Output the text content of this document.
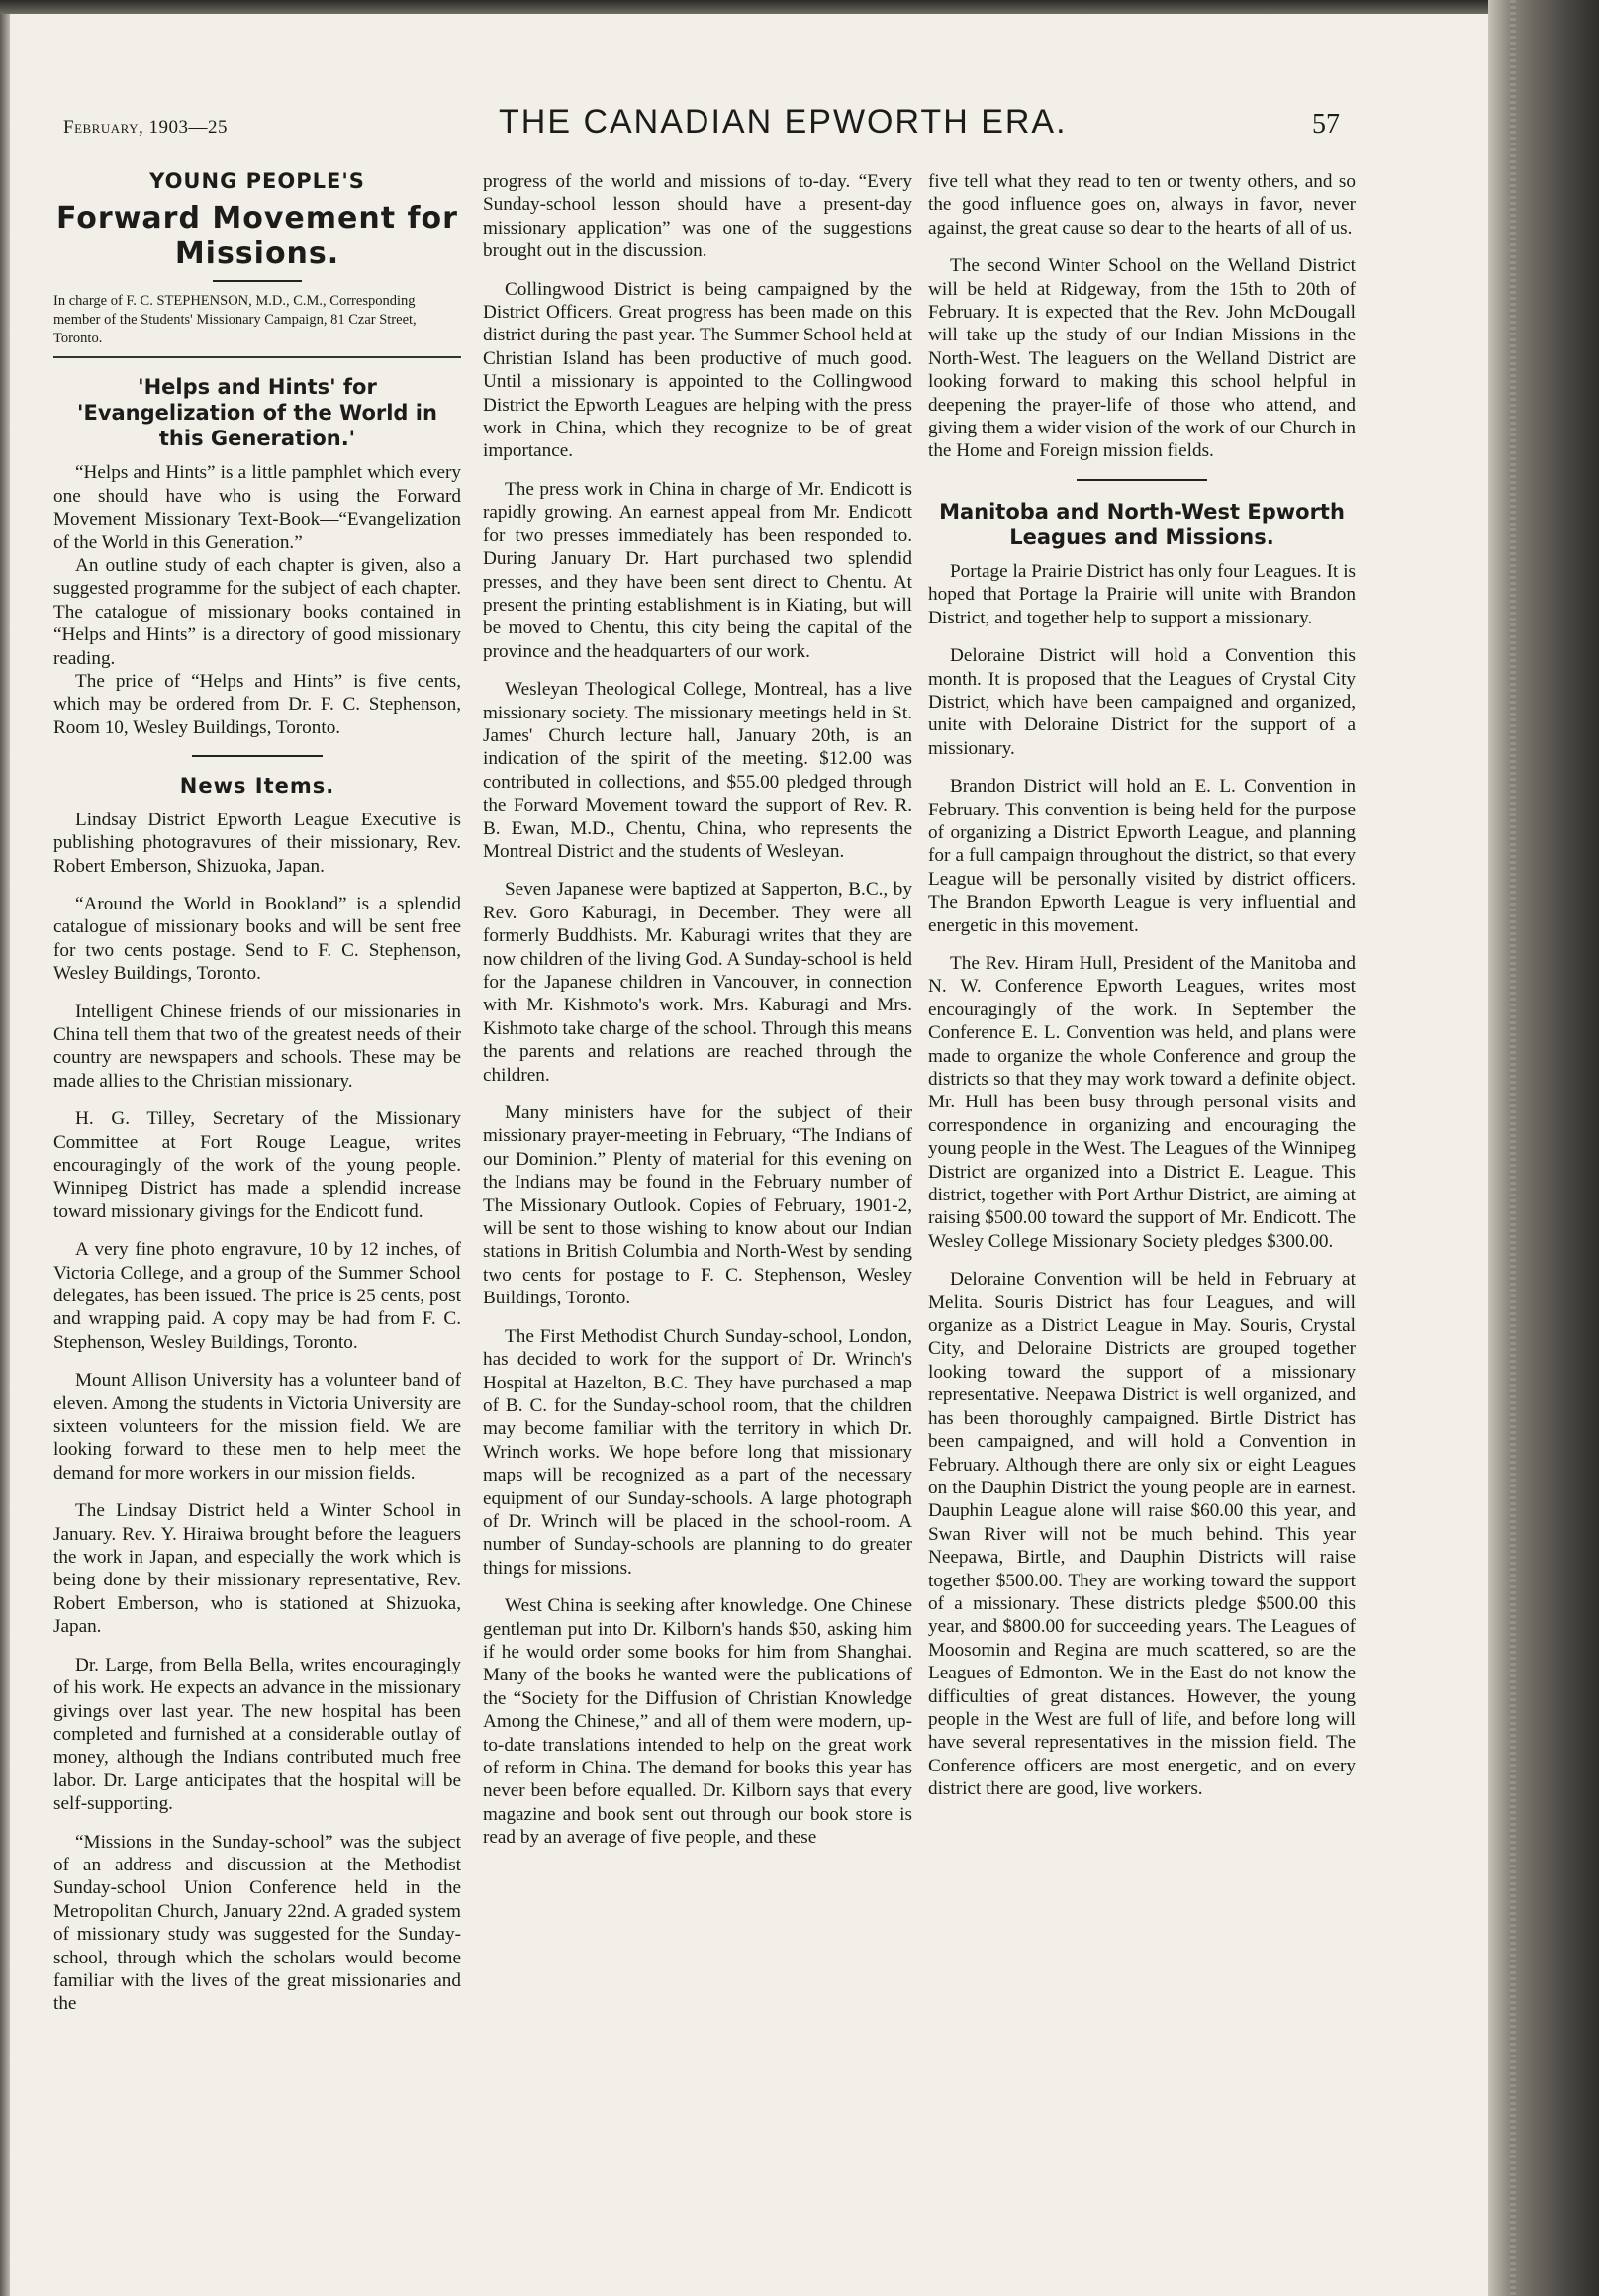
February, 1903—25	THE CANADIAN EPWORTH ERA.	57
YOUNG PEOPLE'S
Forward Movement for Missions.
In charge of F. C. STEPHENSON, M.D., C.M., Corresponding member of the Students' Missionary Campaign, 81 Czar Street, Toronto.
'Helps and Hints' for 'Evangelization of the World in this Generation.'

“Helps and Hints” is a little pamphlet which every one should have who is using the Forward Movement Missionary Text-Book—“Evangelization of the World in this Generation.”

An outline study of each chapter is given, also a suggested programme for the subject of each chapter. The catalogue of missionary books contained in “Helps and Hints” is a directory of good missionary reading.

The price of “Helps and Hints” is five cents, which may be ordered from Dr. F. C. Stephenson, Room 10, Wesley Buildings, Toronto.

News Items.

Lindsay District Epworth League Executive is publishing photogravures of their missionary, Rev. Robert Emberson, Shizuoka, Japan.

“Around the World in Bookland” is a splendid catalogue of missionary books and will be sent free for two cents postage. Send to F. C. Stephenson, Wesley Buildings, Toronto.

Intelligent Chinese friends of our missionaries in China tell them that two of the greatest needs of their country are newspapers and schools. These may be made allies to the Christian missionary.

H. G. Tilley, Secretary of the Missionary Committee at Fort Rouge League, writes encouragingly of the work of the young people. Winnipeg District has made a splendid increase toward missionary givings for the Endicott fund.

A very fine photo engravure, 10 by 12 inches, of Victoria College, and a group of the Summer School delegates, has been issued. The price is 25 cents, post and wrapping paid. A copy may be had from F. C. Stephenson, Wesley Buildings, Toronto.

Mount Allison University has a volunteer band of eleven. Among the students in Victoria University are sixteen volunteers for the mission field. We are looking forward to these men to help meet the demand for more workers in our mission fields.

The Lindsay District held a Winter School in January. Rev. Y. Hiraiwa brought before the leaguers the work in Japan, and especially the work which is being done by their missionary representative, Rev. Robert Emberson, who is stationed at Shizuoka, Japan.

Dr. Large, from Bella Bella, writes encouragingly of his work. He expects an advance in the missionary givings over last year. The new hospital has been completed and furnished at a considerable outlay of money, although the Indians contributed much free labor. Dr. Large anticipates that the hospital will be self-supporting.

“Missions in the Sunday-school” was the subject of an address and discussion at the Methodist Sunday-school Union Conference held in the Metropolitan Church, January 22nd. A graded system of missionary study was suggested for the Sunday-school, through which the scholars would become familiar with the lives of the great missionaries and the

progress of the world and missions of to-day. “Every Sunday-school lesson should have a present-day missionary application” was one of the suggestions brought out in the discussion.

Collingwood District is being campaigned by the District Officers. Great progress has been made on this district during the past year. The Summer School held at Christian Island has been productive of much good. Until a missionary is appointed to the Collingwood District the Epworth Leagues are helping with the press work in China, which they recognize to be of great importance.

The press work in China in charge of Mr. Endicott is rapidly growing. An earnest appeal from Mr. Endicott for two presses immediately has been responded to. During January Dr. Hart purchased two splendid presses, and they have been sent direct to Chentu. At present the printing establishment is in Kiating, but will be moved to Chentu, this city being the capital of the province and the headquarters of our work.

Wesleyan Theological College, Montreal, has a live missionary society. The missionary meetings held in St. James' Church lecture hall, January 20th, is an indication of the spirit of the meeting. $12.00 was contributed in collections, and $55.00 pledged through the Forward Movement toward the support of Rev. R. B. Ewan, M.D., Chentu, China, who represents the Montreal District and the students of Wesleyan.

Seven Japanese were baptized at Sapperton, B.C., by Rev. Goro Kaburagi, in December. They were all formerly Buddhists. Mr. Kaburagi writes that they are now children of the living God. A Sunday-school is held for the Japanese children in Vancouver, in connection with Mr. Kishmoto's work. Mrs. Kaburagi and Mrs. Kishmoto take charge of the school. Through this means the parents and relations are reached through the children.

Many ministers have for the subject of their missionary prayer-meeting in February, “The Indians of our Dominion.” Plenty of material for this evening on the Indians may be found in the February number of The Missionary Outlook. Copies of February, 1901-2, will be sent to those wishing to know about our Indian stations in British Columbia and North-West by sending two cents for postage to F. C. Stephenson, Wesley Buildings, Toronto.

The First Methodist Church Sunday-school, London, has decided to work for the support of Dr. Wrinch's Hospital at Hazelton, B.C. They have purchased a map of B. C. for the Sunday-school room, that the children may become familiar with the territory in which Dr. Wrinch works. We hope before long that missionary maps will be recognized as a part of the necessary equipment of our Sunday-schools. A large photograph of Dr. Wrinch will be placed in the school-room. A number of Sunday-schools are planning to do greater things for missions.

West China is seeking after knowledge. One Chinese gentleman put into Dr. Kilborn's hands $50, asking him if he would order some books for him from Shanghai. Many of the books he wanted were the publications of the “Society for the Diffusion of Christian Knowledge Among the Chinese,” and all of them were modern, up-to-date translations intended to help on the great work of reform in China. The demand for books this year has never been before equalled. Dr. Kilborn says that every magazine and book sent out through our book store is read by an average of five people, and these

five tell what they read to ten or twenty others, and so the good influence goes on, always in favor, never against, the great cause so dear to the hearts of all of us.

The second Winter School on the Welland District will be held at Ridgeway, from the 15th to 20th of February. It is expected that the Rev. John McDougall will take up the study of our Indian Missions in the North-West. The leaguers on the Welland District are looking forward to making this school helpful in deepening the prayer-life of those who attend, and giving them a wider vision of the work of our Church in the Home and Foreign mission fields.

Manitoba and North-West Epworth Leagues and Missions.

Portage la Prairie District has only four Leagues. It is hoped that Portage la Prairie will unite with Brandon District, and together help to support a missionary.

Deloraine District will hold a Convention this month. It is proposed that the Leagues of Crystal City District, which have been campaigned and organized, unite with Deloraine District for the support of a missionary.

Brandon District will hold an E. L. Convention in February. This convention is being held for the purpose of organizing a District Epworth League, and planning for a full campaign throughout the district, so that every League will be personally visited by district officers. The Brandon Epworth League is very influential and energetic in this movement.

The Rev. Hiram Hull, President of the Manitoba and N. W. Conference Epworth Leagues, writes most encouragingly of the work. In September the Conference E. L. Convention was held, and plans were made to organize the whole Conference and group the districts so that they may work toward a definite object. Mr. Hull has been busy through personal visits and correspondence in organizing and encouraging the young people in the West. The Leagues of the Winnipeg District are organized into a District E. League. This district, together with Port Arthur District, are aiming at raising $500.00 toward the support of Mr. Endicott. The Wesley College Missionary Society pledges $300.00.

Deloraine Convention will be held in February at Melita. Souris District has four Leagues, and will organize as a District League in May. Souris, Crystal City, and Deloraine Districts are grouped together looking toward the support of a missionary representative. Neepawa District is well organized, and has been thoroughly campaigned. Birtle District has been campaigned, and will hold a Convention in February. Although there are only six or eight Leagues on the Dauphin District the young people are in earnest. Dauphin League alone will raise $60.00 this year, and Swan River will not be much behind. This year Neepawa, Birtle, and Dauphin Districts will raise together $500.00. They are working toward the support of a missionary. These districts pledge $500.00 this year, and $800.00 for succeeding years. The Leagues of Moosomin and Regina are much scattered, so are the Leagues of Edmonton. We in the East do not know the difficulties of great distances. However, the young people in the West are full of life, and before long will have several representatives in the mission field. The Conference officers are most energetic, and on every district there are good, live workers.
